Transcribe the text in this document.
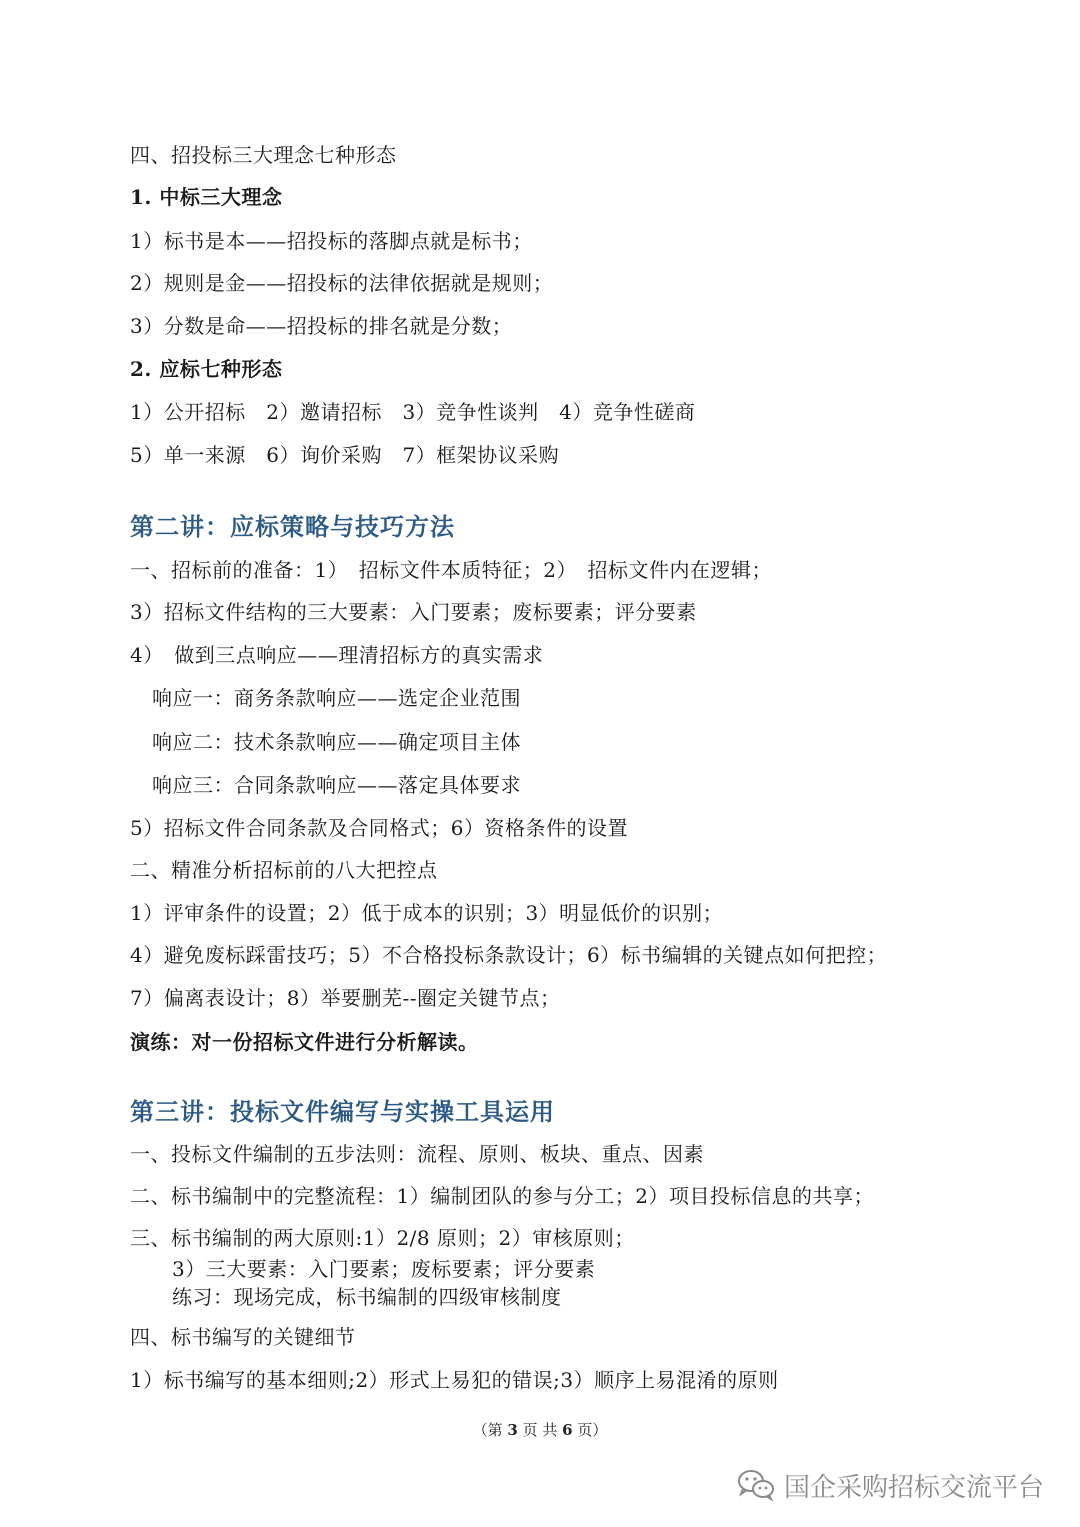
四、招投标三大理念七种形态
1. 中标三大理念
1）标书是本——招投标的落脚点就是标书；
2）规则是金——招投标的法律依据就是规则；
3）分数是命——招投标的排名就是分数；
2. 应标七种形态
1）公开招标　2）邀请招标　3）竞争性谈判　4）竞争性磋商
5）单一来源　6）询价采购　7）框架协议采购
第二讲：应标策略与技巧方法
一、招标前的准备：1）　招标文件本质特征；2）　招标文件内在逻辑；
3）招标文件结构的三大要素：入门要素；废标要素；评分要素
4）　做到三点响应——理清招标方的真实需求
响应一：商务条款响应——选定企业范围
响应二：技术条款响应——确定项目主体
响应三：合同条款响应——落定具体要求
5）招标文件合同条款及合同格式；6）资格条件的设置
二、精准分析招标前的八大把控点
1）评审条件的设置；2）低于成本的识别；3）明显低价的识别；
4）避免废标踩雷技巧；5）不合格投标条款设计；6）标书编辑的关键点如何把控；
7）偏离表设计；8）举要删芜--圈定关键节点；
演练：对一份招标文件进行分析解读。
第三讲：投标文件编写与实操工具运用
一、投标文件编制的五步法则：流程、原则、板块、重点、因素
二、标书编制中的完整流程：1）编制团队的参与分工；2）项目投标信息的共享；
三、标书编制的两大原则:1）2/8 原则；2）审核原则；
3）三大要素：入门要素；废标要素；评分要素
练习：现场完成，标书编制的四级审核制度
四、标书编写的关键细节
1）标书编写的基本细则;2）形式上易犯的错误;3）顺序上易混淆的原则
（第 3 页 共 6 页）
国企采购招标交流平台
